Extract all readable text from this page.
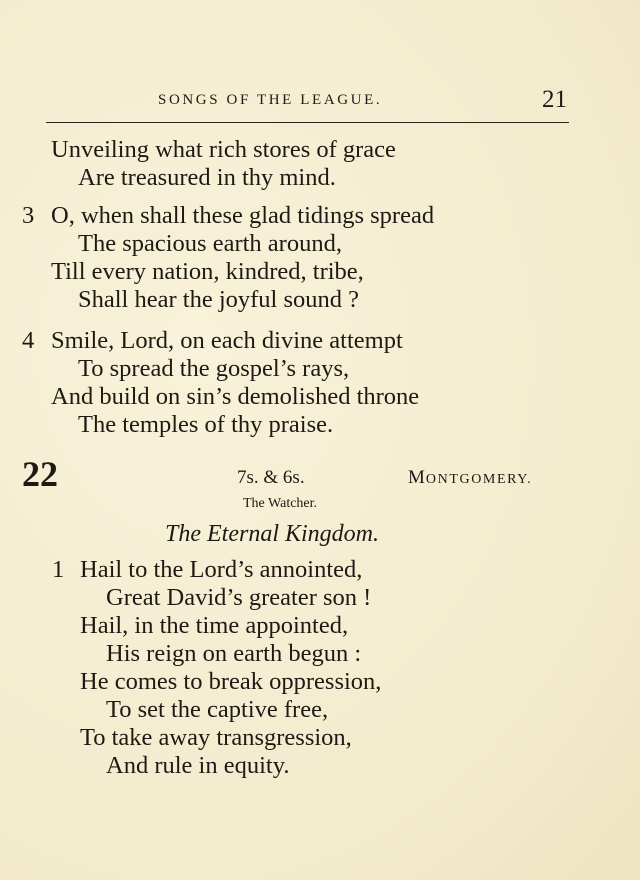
SONGS OF THE LEAGUE.	21
Unveiling what rich stores of grace
Are treasured in thy mind.
3 O, when shall these glad tidings spread
The spacious earth around,
Till every nation, kindred, tribe,
Shall hear the joyful sound ?
4 Smile, Lord, on each divine attempt
To spread the gospel’s rays,
And build on sin’s demolished throne
The temples of thy praise.
22	7s. & 6s.	MONTGOMERY.
The Watcher.
The Eternal Kingdom.
1 Hail to the Lord’s annointed,
Great David’s greater son !
Hail, in the time appointed,
His reign on earth begun :
He comes to break oppression,
To set the captive free,
To take away transgression,
And rule in equity.
